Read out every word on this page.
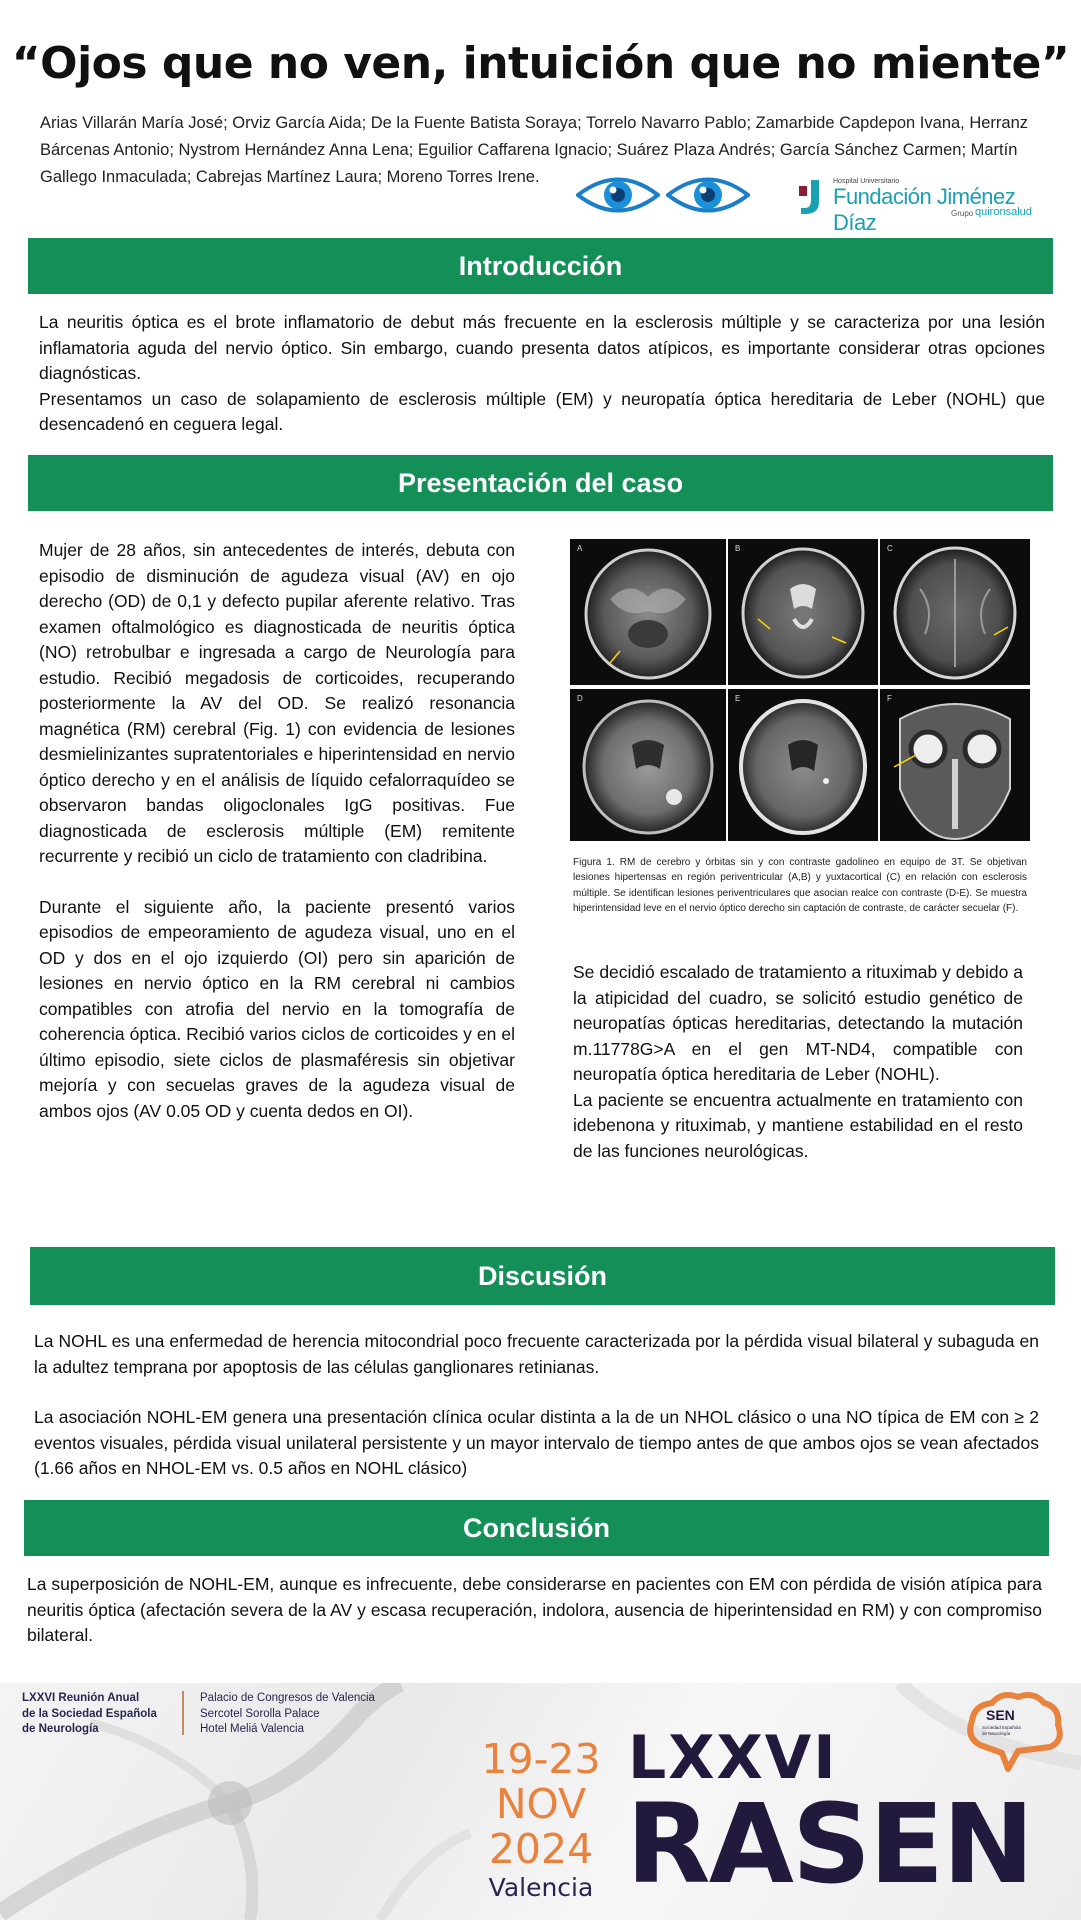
“Ojos que no ven, intuición que no miente”
Arias Villarán María José; Orviz García Aida; De la Fuente Batista Soraya; Torrelo Navarro Pablo; Zamarbide Capdepon Ivana, Herranz Bárcenas Antonio; Nystrom Hernández Anna Lena; Eguilior Caffarena Ignacio; Suárez Plaza Andrés; García Sánchez Carmen; Martín Gallego Inmaculada; Cabrejas Martínez Laura; Moreno Torres Irene.	Hospital Universitario
Fundación Jiménez Díaz	Grupo quironsalud
Introducción

La neuritis óptica es el brote inflamatorio de debut más frecuente en la esclerosis múltiple y se caracteriza por una lesión inflamatoria aguda del nervio óptico. Sin embargo, cuando presenta datos atípicos, es importante considerar otras opciones diagnósticas.

Presentamos un caso de solapamiento de esclerosis múltiple (EM) y neuropatía óptica hereditaria de Leber (NOHL) que desencadenó en ceguera legal.

Presentación del caso

Mujer de 28 años, sin antecedentes de interés, debuta con episodio de disminución de agudeza visual (AV) en ojo derecho (OD) de 0,1 y defecto pupilar aferente relativo. Tras examen oftalmológico es diagnosticada de neuritis óptica (NO) retrobulbar e ingresada a cargo de Neurología para estudio. Recibió megadosis de corticoides, recuperando posteriormente la AV del OD. Se realizó resonancia magnética (RM) cerebral (Fig. 1) con evidencia de lesiones desmielinizantes supratentoriales e hiperintensidad en nervio óptico derecho y en el análisis de líquido cefalorraquídeo se observaron bandas oligoclonales IgG positivas. Fue diagnosticada de esclerosis múltiple (EM) remitente recurrente y recibió un ciclo de tratamiento con cladribina.

Durante el siguiente año, la paciente presentó varios episodios de empeoramiento de agudeza visual, uno en el OD y dos en el ojo izquierdo (OI) pero sin aparición de lesiones en nervio óptico en la RM cerebral ni cambios compatibles con atrofia del nervio en la tomografía de coherencia óptica. Recibió varios ciclos de corticoides y en el último episodio, siete ciclos de plasmaféresis sin objetivar mejoría y con secuelas graves de la agudeza visual de ambos ojos (AV 0.05 OD y cuenta dedos en OI).

A	B	C
D	E	F
Figura 1. RM de cerebro y órbitas sin y con contraste gadolineo en equipo de 3T. Se objetivan lesiones hipertensas en región periventricular (A,B) y yuxtacortical (C) en relación con esclerosis múltiple. Se identifican lesiones periventriculares que asocian realce con contraste (D-E). Se muestra hiperintensidad leve en el nervio óptico derecho sin captación de contraste, de carácter secuelar (F).

Se decidió escalado de tratamiento a rituximab y debido a la atipicidad del cuadro, se solicitó estudio genético de neuropatías ópticas hereditarias, detectando la mutación m.11778G>A en el gen MT-ND4, compatible con neuropatía óptica hereditaria de Leber (NOHL).

La paciente se encuentra actualmente en tratamiento con idebenona y rituximab, y mantiene estabilidad en el resto de las funciones neurológicas.

Discusión

La NOHL es una enfermedad de herencia mitocondrial poco frecuente caracterizada por la pérdida visual bilateral y subaguda en la adultez temprana por apoptosis de las células ganglionares retinianas.

La asociación NOHL-EM genera una presentación clínica ocular distinta a la de un NHOL clásico o una NO típica de EM con ≥ 2 eventos visuales, pérdida visual unilateral persistente y un mayor intervalo de tiempo antes de que ambos ojos se vean afectados (1.66 años en NHOL-EM vs. 0.5 años en NOHL clásico)

Conclusión

La superposición de NOHL-EM, aunque es infrecuente, debe considerarse en pacientes con EM con pérdida de visión atípica para neuritis óptica (afectación severa de la AV y escasa recuperación, indolora, ausencia de hiperintensidad en RM) y con compromiso bilateral.

LXXVI Reunión Anual
de la Sociedad Española
de Neurología
Palacio de Congresos de Valencia
Sercotel Sorolla Palace
Hotel Meliá Valencia
19-23
NOV
2024
Valencia
LXXVI
RASEN
SEN
Sociedad Española
de Neurología
